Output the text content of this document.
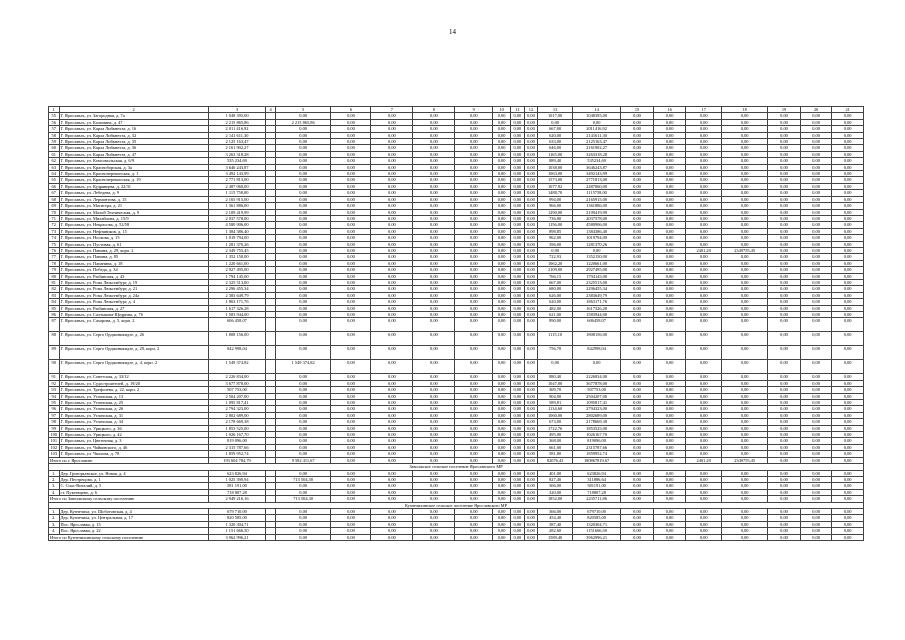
14
1	2	3	4	5	6	7	8	9	10	11	12	13	14	15	16	17	18	19	20	21
55	Г. Ярославль, ул. Загородная, д. 7а	1 048 395,00		0,00	0,00	0,00	0,00	0,00	0,00	0,00	0,00	1017,00	1048395,00	0,00	0,00	0,00	0,00	0,00	0,00	0,00
56	Г. Ярославль, ул. Калинина, д. 47	2 215 865,86		2 215 865,86	0,00	0,00	0,00	0,00	0,00	0,00	0,00	0,00	0,00	0,00	0,00	0,00	0,00	0,00	0,00	0,00
57	Г. Ярославль, ул. Карла Либкнехта, д. 16	2 011 416,92		0,00	0,00	0,00	0,00	0,00	0,00	0,00	0,00	667,00	2011416,92	0,00	0,00	0,00	0,00	0,00	0,00	0,00
58	Г. Ярославль, ул. Карла Либкнехта, д. 32	2 141 611,30		0,00	0,00	0,00	0,00	0,00	0,00	0,00	0,00	620,00	2141611,30	0,00	0,00	0,00	0,00	0,00	0,00	0,00
59	Г. Ярославль, ул. Карла Либкнехта, д. 35	2 125 163,47		0,00	0,00	0,00	0,00	0,00	0,00	0,00	0,00	633,00	2125163,47	0,00	0,00	0,00	0,00	0,00	0,00	0,00
60	Г. Ярославль, ул. Карла Либкнехта, д. 36	2 161 902,27		0,00	0,00	0,00	0,00	0,00	0,00	0,00	0,00	646,00	2161902,27	0,00	0,00	0,00	0,00	0,00	0,00	0,00
61	Г. Ярославль, ул. Карла Либкнехта, д. 47	3 263 318,28		0,00	0,00	0,00	0,00	0,00	0,00	0,00	0,00	1165,00	3263318,28	0,00	0,00	0,00	0,00	0,00	0,00	0,00
62	Г. Ярославль, ул. Комсомольская, д. 6/9	535 234,69		0,00	0,00	0,00	0,00	0,00	0,00	0,00	0,00	889,40	535234,69	0,00	0,00	0,00	0,00	0,00	0,00	0,00
63	Г. Ярославль, ул. Красноборская, д. 3а	3 646 243,87		0,00	0,00	0,00	0,00	0,00	0,00	0,00	0,00	1038,00	3646243,87	0,00	0,00	0,00	0,00	0,00	0,00	0,00
64	Г. Ярославль, ул. Красноперекопская, д. 1	3 492 143,99		0,00	0,00	0,00	0,00	0,00	0,00	0,00	0,00	1063,00	3492143,99	0,00	0,00	0,00	0,00	0,00	0,00	0,00
65	Г. Ярославль, ул. Красноперекопская, д. 19	2 771 813,00		0,00	0,00	0,00	0,00	0,00	0,00	0,00	0,00	1573,00	2771813,00	0,00	0,00	0,00	0,00	0,00	0,00	0,00
66	Г. Ярославль, ул. Кудрявцева, д. 22/31	2 487 060,00		0,00	0,00	0,00	0,00	0,00	0,00	0,00	0,00	1077,92	2487060,00	0,00	0,00	0,00	0,00	0,00	0,00	0,00
67	Г. Ярославль, ул. Лебедева, д. 9	1 115 758,00		0,00	0,00	0,00	0,00	0,00	0,00	0,00	0,00	1488,70	1115758,00	0,00	0,00	0,00	0,00	0,00	0,00	0,00
68	Г. Ярославль, ул. Лермонтова, д. 15	2 165 915,00		0,00	0,00	0,00	0,00	0,00	0,00	0,00	0,00	994,00	2165915,00	0,00	0,00	0,00	0,00	0,00	0,00	0,00
69	Г. Ярославль, ул. Магистра, д. 21	1 361 886,00		0,00	0,00	0,00	0,00	0,00	0,00	0,00	0,00	966,00	1361886,00	0,00	0,00	0,00	0,00	0,00	0,00	0,00
70	Г. Ярославль, ул. Малой Техническая, д. 9	2 109 419,99		0,00	0,00	0,00	0,00	0,00	0,00	0,00	0,00	1290,00	2109419,99	0,00	0,00	0,00	0,00	0,00	0,00	0,00
71	Г. Ярославль, ул. Михайлова, д. 15/9	2 037 578,00		0,00	0,00	0,00	0,00	0,00	0,00	0,00	0,00	736,00	2037578,00	0,00	0,00	0,00	0,00	0,00	0,00	0,00
72	Г. Ярославль, ул. Некрасова, д. 52/58	4 580 906,00		0,00	0,00	0,00	0,00	0,00	0,00	0,00	0,00	1156,00	4580906,00	0,00	0,00	0,00	0,00	0,00	0,00	0,00
73	Г. Ярославль, ул. Нефтяников, д. 15	1 384 386,40		0,00	0,00	0,00	0,00	0,00	0,00	0,00	0,00	898,85	1384386,40	0,00	0,00	0,00	0,00	0,00	0,00	0,00
74	Г. Ярославль, ул. Носкова, д. 15	1 019 794,00		0,00	0,00	0,00	0,00	0,00	0,00	0,00	0,00	962,00	1019794,00	0,00	0,00	0,00	0,00	0,00	0,00	0,00
75	Г. Ярославль, ул. Пустовая, д. 61	1 281 370,26		0,00	0,00	0,00	0,00	0,00	0,00	0,00	0,00	396,00	1281370,26	0,00	0,00	0,00	0,00	0,00	0,00	0,00
76	Г. Ярославль, ул. Панина, д. 29, корп. 2	2 349 755,45		0,00	0,00	0,00	0,00	0,00	0,00	0,00	0,00	0,00	0,00	0,00	0,00	2401,20	2349755,45	0,00	0,00	0,00
77	Г. Ярославль, ул. Панина, д. 85	1 352 150,00		0,00	0,00	0,00	0,00	0,00	0,00	0,00	0,00	722,93	1352150,00	0,00	0,00	0,00	0,00	0,00	0,00	0,00
78	Г. Ярославль, ул. Папанина, д. 18	1 220 661,00		0,00	0,00	0,00	0,00	0,00	0,00	0,00	0,00	1062,20	1220661,00	0,00	0,00	0,00	0,00	0,00	0,00	0,00
79	Г. Ярославль, ул. Победа, д. 34	2 927 495,00		0,00	0,00	0,00	0,00	0,00	0,00	0,00	0,00	2109,00	2927495,00	0,00	0,00	0,00	0,00	0,00	0,00	0,00
80	Г. Ярославль, ул. Рыбинская, д. 43	1 794 145,00		0,00	0,00	0,00	0,00	0,00	0,00	0,00	0,00	766,15	1794145,00	0,00	0,00	0,00	0,00	0,00	0,00	0,00
81	Г. Ярославль, ул. Розы Люксембург, д. 19	2 325 513,00		0,00	0,00	0,00	0,00	0,00	0,00	0,00	0,00	667,00	2325513,00	0,00	0,00	0,00	0,00	0,00	0,00	0,00
82	Г. Ярославль, ул. Розы Люксембург, д. 21	2 296 455,34		0,00	0,00	0,00	0,00	0,00	0,00	0,00	0,00	680,00	2296455,34	0,00	0,00	0,00	0,00	0,00	0,00	0,00
83	Г. Ярославль, ул. Розы Люксембург, д. 24а	2 383 649,79		0,00	0,00	0,00	0,00	0,00	0,00	0,00	0,00	626,00	2383649,79	0,00	0,00	0,00	0,00	0,00	0,00	0,00
84	Г. Ярославль, ул. Розы Люксембург, д. 4	1 863 171,76		0,00	0,00	0,00	0,00	0,00	0,00	0,00	0,00	620,00	1863171,76	0,00	0,00	0,00	0,00	0,00	0,00	0,00
85	Г. Ярославль, ул. Рыбинская, д. 27	1 617 326,28		0,00	0,00	0,00	0,00	0,00	0,00	0,00	0,00	482,00	1617326,28	0,00	0,00	0,00	0,00	0,00	0,00	0,00
86	Г. Ярославль, ул. Салтыкова-Щедрина, д. 7б	1 583 944,00		0,00	0,00	0,00	0,00	0,00	0,00	0,00	0,00	621,00	1583944,00	0,00	0,00	0,00	0,00	0,00	0,00	0,00
87	Г. Ярославль, ул. Сахарова, д. 5, корп. 2	606 458,07		0,00	0,00	0,00	0,00	0,00	0,00	0,00	0,00	890,00	606458,07	0,00	0,00	0,00	0,00	0,00	0,00	0,00
88	Г. Ярославль, ул. Серго Орджоникидзе, д. 26	1 808 156,00		0,00	0,00	0,00	0,00	0,00	0,00	0,00	0,00	1115,10	1808156,00	0,00	0,00	0,00	0,00	0,00	0,00	0,00
89	Г. Ярославль, ул. Серго Орджоникидзе, д. 29, корп. 2	842 998,04		0,00	0,00	0,00	0,00	0,00	0,00	0,00	0,00	756,70	842998,04	0,00	0,00	0,00	0,00	0,00	0,00	0,00
90	Г. Ярославль, ул. Серго Орджоникидзе, д. 4, корп. 2	1 549 374,82		1 549 374,82	0,00	0,00	0,00	0,00	0,00	0,00	0,00	0,00	0,00	0,00	0,00	0,00	0,00	0,00	0,00	0,00
91	Г. Ярославль, ул. Советская, д. 33/12	2 226 834,00		0,00	0,00	0,00	0,00	0,00	0,00	0,00	0,00	880,40	2226834,00	0,00	0,00	0,00	0,00	0,00	0,00	0,00
92	Г. Ярославль, ул. Судостроителей, д. 19/20	3 677 878,00		0,00	0,00	0,00	0,00	0,00	0,00	0,00	0,00	1047,00	3677878,00	0,00	0,00	0,00	0,00	0,00	0,00	0,00
93	Г. Ярославль, ул. Трефолева, д. 22, корп. 2	507 753,00		0,00	0,00	0,00	0,00	0,00	0,00	0,00	0,00	369,70	507753,00	0,00	0,00	0,00	0,00	0,00	0,00	0,00
94	Г. Ярославль, ул. Угличская, д. 13	2 504 207,00		0,00	0,00	0,00	0,00	0,00	0,00	0,00	0,00	904,90	2504207,00	0,00	0,00	0,00	0,00	0,00	0,00	0,00
95	Г. Ярославль, ул. Угличская, д. 25	1 095 817,41		0,00	0,00	0,00	0,00	0,00	0,00	0,00	0,00	589,81	1095817,41	0,00	0,00	0,00	0,00	0,00	0,00	0,00
96	Г. Ярославль, ул. Угличская, д. 26	2 794 323,00		0,00	0,00	0,00	0,00	0,00	0,00	0,00	0,00	1134,60	2794323,00	0,00	0,00	0,00	0,00	0,00	0,00	0,00
97	Г. Ярославль, ул. Угличская, д. 31	2 802 689,00		0,00	0,00	0,00	0,00	0,00	0,00	0,00	0,00	1060,00	2802689,00	0,00	0,00	0,00	0,00	0,00	0,00	0,00
98	Г. Ярославль, ул. Угличская, д. 34	2 178 669,38		0,00	0,00	0,00	0,00	0,00	0,00	0,00	0,00	673,00	2178669,38	0,00	0,00	0,00	0,00	0,00	0,00	0,00
99	Г. Ярославль, ул. Урицкого, д. 36	1 853 525,00		0,00	0,00	0,00	0,00	0,00	0,00	0,00	0,00	1722,76	1853525,00	0,00	0,00	0,00	0,00	0,00	0,00	0,00
100	Г. Ярославль, ул. Урицкого, д. 42	1 026 167,70		0,00	0,00	0,00	0,00	0,00	0,00	0,00	0,00	495,00	1026167,70	0,00	0,00	0,00	0,00	0,00	0,00	0,00
101	Г. Ярославль, ул. Цветочная, д. 3	819 096,00		0,00	0,00	0,00	0,00	0,00	0,00	0,00	0,00	368,00	819096,00	0,00	0,00	0,00	0,00	0,00	0,00	0,00
102	Г. Ярославль, ул. Чайковского, д. 46	2 315 787,66		0,00	0,00	0,00	0,00	0,00	0,00	0,00	0,00	661,00	2315787,66	0,00	0,00	0,00	0,00	0,00	0,00	0,00
103	Г. Ярославль, ул. Чкалова, д. 78	1 859 952,74		0,00	0,00	0,00	0,00	0,00	0,00	0,00	0,00	581,80	1859952,74	0,00	0,00	0,00	0,00	0,00	0,00	0,00
Итого по г. Ярославлю		193 604 784,79		9 582 411,67	0,00	0,00	0,00	0,00	0,00	0,00	0,00	82076,43	180867819,67	0,00	0,00	2401,20	2349755,45	0,00	0,00	0,00
Заволжское сельское поселение Ярославского МР																				
1.	Дер. Григорьевское, ул. Новая, д. 4	623 826,94		0,00	0,00	0,00	0,00	0,00	0,00	0,00	0,00	401,00	623826,94	0,00	0,00	0,00	0,00	0,00	0,00	0,00
2.	Дер. Пестрецово, д. 1	1 025 390,94		713 504,30	0,00	0,00	0,00	0,00	0,00	0,00	0,00	827,40	311886,64	0,00	0,00	0,00	0,00	0,00	0,00	0,00
3.	С. Спас-Виталий, д. 5	581 191,00		0,00	0,00	0,00	0,00	0,00	0,00	0,00	0,00	306,00	581191,00	0,00	0,00	0,00	0,00	0,00	0,00	0,00
4.	ст. Пукеевцево, д. 6	718 807,28		0,00	0,00	0,00	0,00	0,00	0,00	0,00	0,00	320,00	718807,28	0,00	0,00	0,00	0,00	0,00	0,00	0,00
Итого по Заволжскому сельскому поселению		2 949 216,16		713 504,30	0,00	0,00	0,00	0,00	0,00	0,00	0,00	1852,00	2235711,86	0,00	0,00	0,00	0,00	0,00	0,00	0,00
Кузнечихинское сельское поселение Ярославского МР																				
1.	Дер. Кузнечиха, ул. Шоботовская, д. 4	679 710,00		0,00	0,00	0,00	0,00	0,00	0,00	0,00	0,00	366,00	679710,00	0,00	0,00	0,00	0,00	0,00	0,00	0,00
2.	Дер. Кузнечиха, ул. Центральная, д. 17	820 585,00		0,00	0,00	0,00	0,00	0,00	0,00	0,00	0,00	454,40	820585,00	0,00	0,00	0,00	0,00	0,00	0,00	0,00
3.	Пос. Ярославка, д. 15	1 320 304,71		0,00	0,00	0,00	0,00	0,00	0,00	0,00	0,00	387,40	1320304,71	0,00	0,00	0,00	0,00	0,00	0,00	0,00
4.	Пос. Ярославка, д. 22	1 151 666,50		0,00	0,00	0,00	0,00	0,00	0,00	0,00	0,00	282,60	1151666,50	0,00	0,00	0,00	0,00	0,00	0,00	0,00
Итого по Кузнечихинскому сельскому поселению		3 962 996,21		0,00	0,00	0,00	0,00	0,00	0,00	0,00	0,00	1589,40	3962996,21	0,00	0,00	0,00	0,00	0,00	0,00	0,00
